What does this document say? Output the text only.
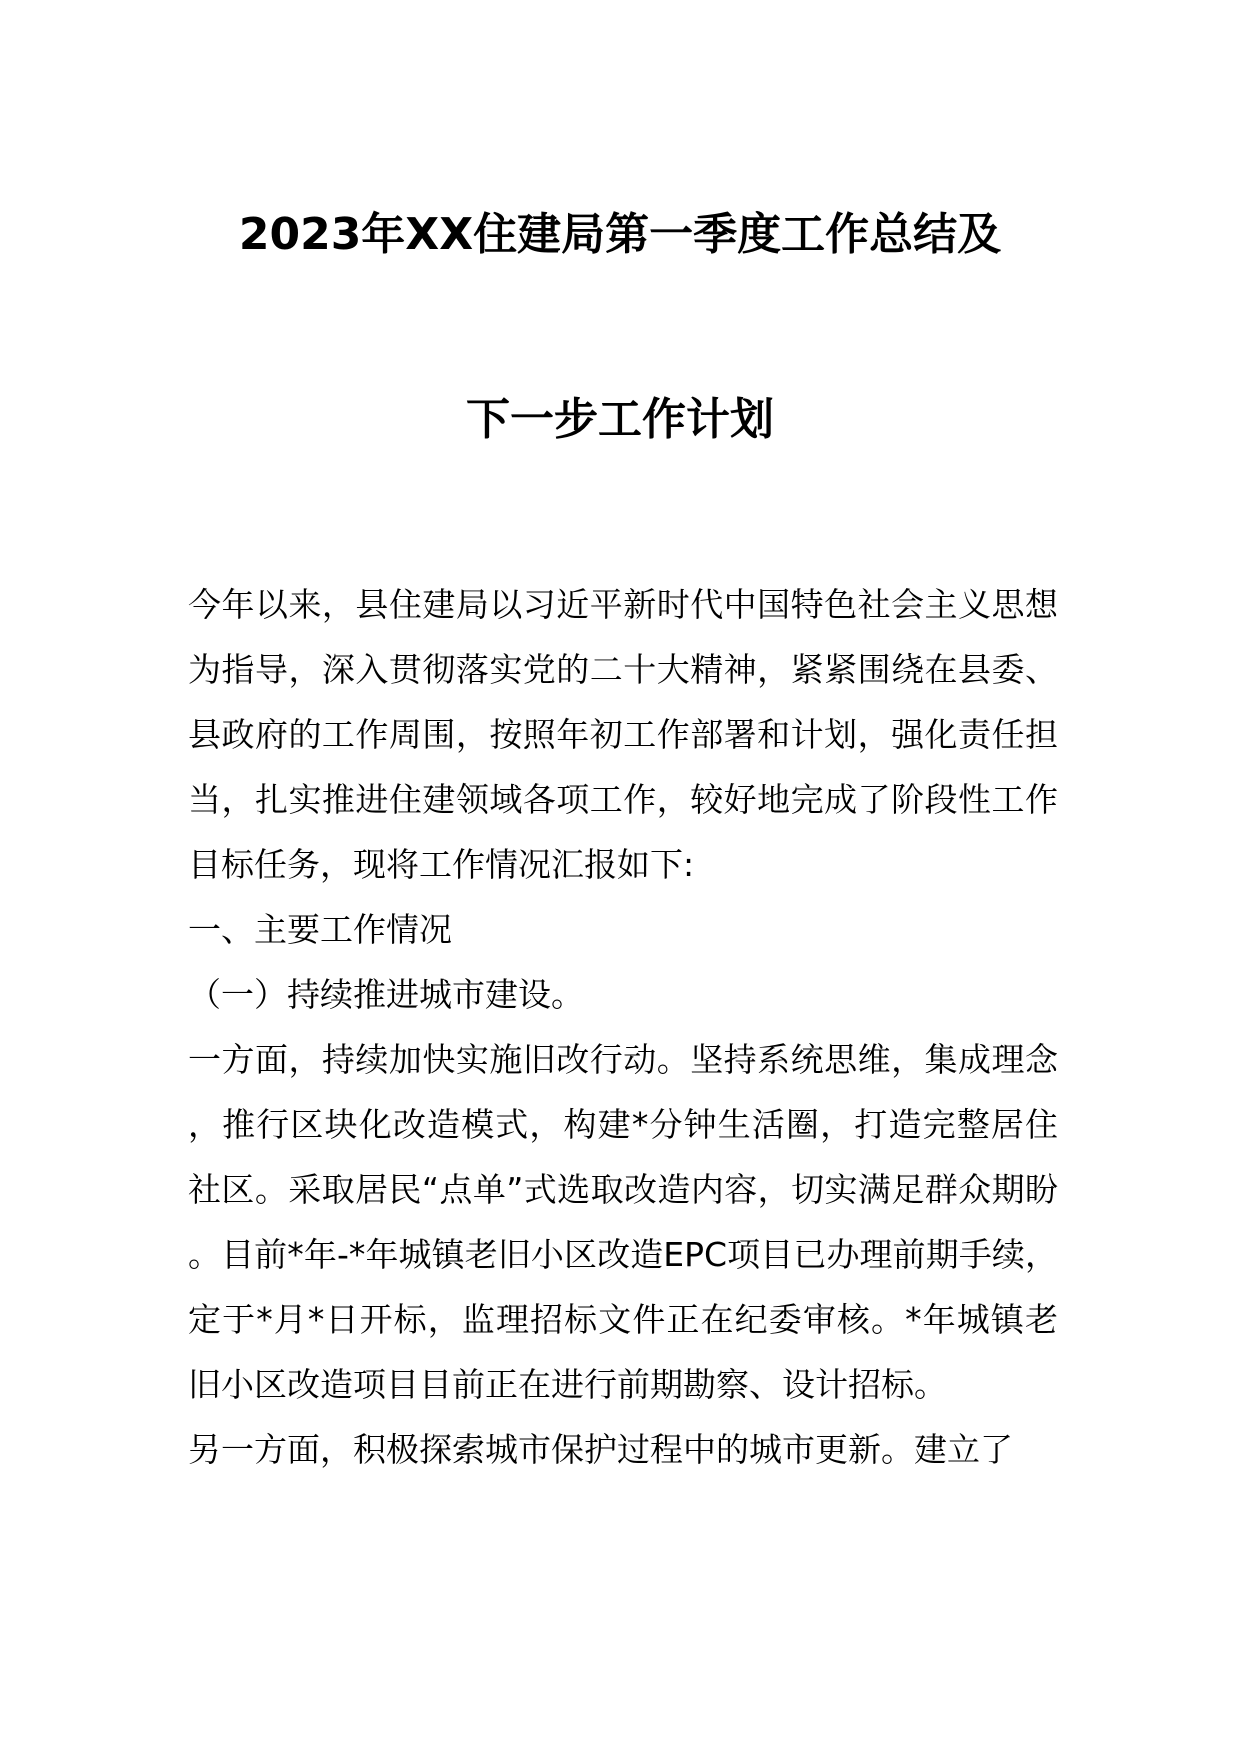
2023年XX住建局第一季度工作总结及
下一步工作计划

今年以来，县住建局以习近平新时代中国特色社会主义思想为指导，深入贯彻落实党的二十大精神，紧紧围绕在县委、县政府的工作周围，按照年初工作部署和计划，强化责任担当，扎实推进住建领域各项工作，较好地完成了阶段性工作目标任务，现将工作情况汇报如下:

一、主要工作情况

（一）持续推进城市建设。

一方面，持续加快实施旧改行动。坚持系统思维，集成理念，推行区块化改造模式，构建*分钟生活圈，打造完整居住社区。采取居民“点单”式选取改造内容，切实满足群众期盼。目前*年-*年城镇老旧小区改造EPC项目已办理前期手续，定于*月*日开标，监理招标文件正在纪委审核。*年城镇老旧小区改造项目目前正在进行前期勘察、设计招标。

另一方面，积极探索城市保护过程中的城市更新。建立了
